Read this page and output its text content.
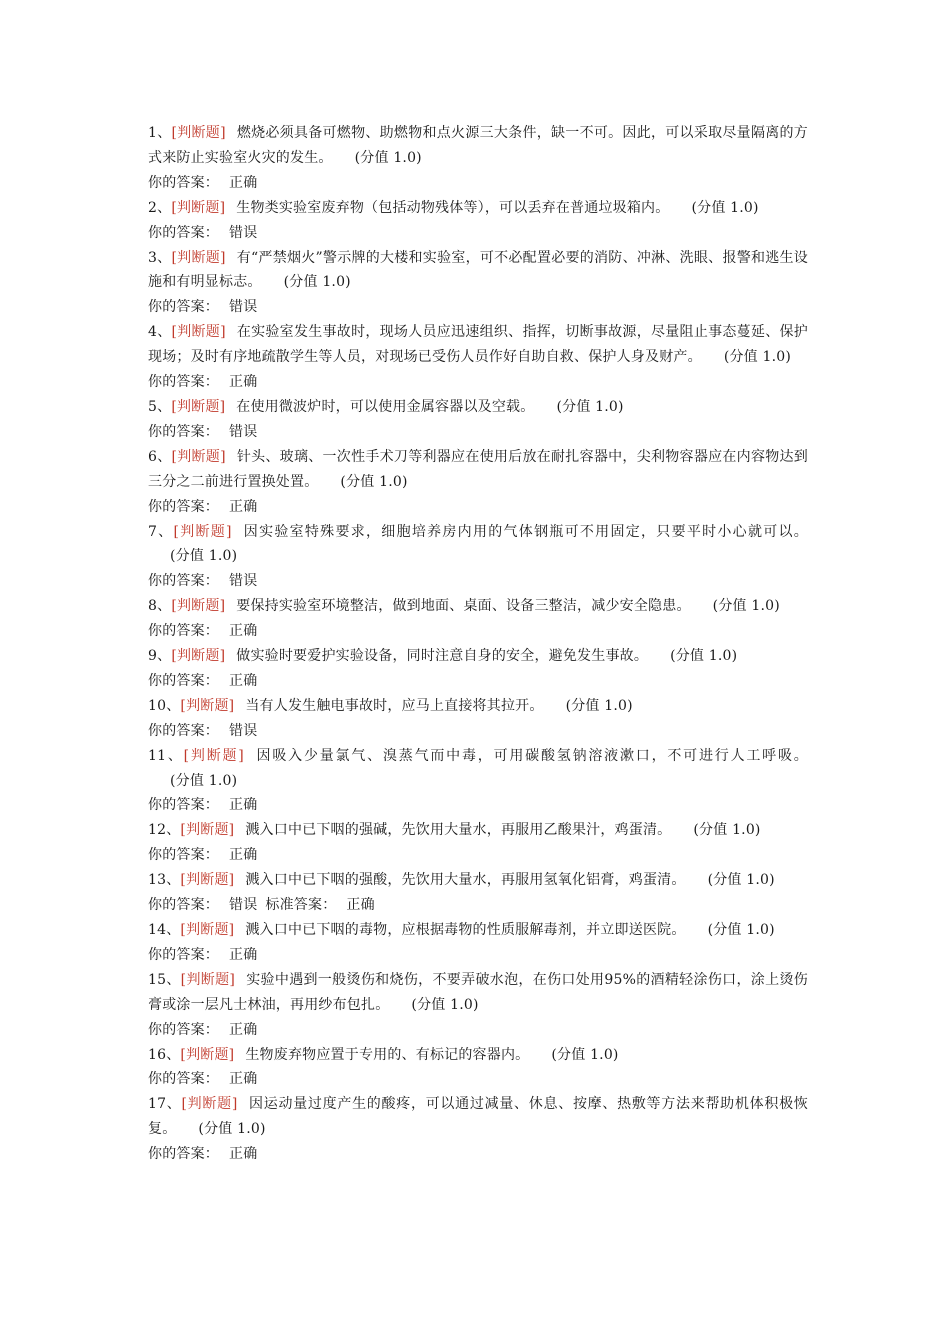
1、[判断题] 燃烧必须具备可燃物、助燃物和点火源三大条件，缺一不可。因此，可以采取尽量隔离的方式来防止实验室火灾的发生。 (分值 1.0)

你的答案： 正确

2、[判断题] 生物类实验室废弃物（包括动物残体等），可以丢弃在普通垃圾箱内。 (分值 1.0)

你的答案： 错误

3、[判断题] 有“严禁烟火”警示牌的大楼和实验室，可不必配置必要的消防、冲淋、洗眼、报警和逃生设施和有明显标志。 (分值 1.0)

你的答案： 错误

4、[判断题] 在实验室发生事故时，现场人员应迅速组织、指挥，切断事故源，尽量阻止事态蔓延、保护现场；及时有序地疏散学生等人员，对现场已受伤人员作好自助自救、保护人身及财产。 (分值 1.0)

你的答案： 正确

5、[判断题] 在使用微波炉时，可以使用金属容器以及空载。 (分值 1.0)

你的答案： 错误

6、[判断题] 针头、玻璃、一次性手术刀等利器应在使用后放在耐扎容器中，尖利物容器应在内容物达到三分之二前进行置换处置。 (分值 1.0)

你的答案： 正确

7、[判断题] 因实验室特殊要求，细胞培养房内用的气体钢瓶可不用固定，只要平时小心就可以。(分值 1.0)

你的答案： 错误

8、[判断题] 要保持实验室环境整洁，做到地面、桌面、设备三整洁，减少安全隐患。 (分值 1.0)

你的答案： 正确

9、[判断题] 做实验时要爱护实验设备，同时注意自身的安全，避免发生事故。 (分值 1.0)

你的答案： 正确

10、[判断题] 当有人发生触电事故时，应马上直接将其拉开。 (分值 1.0)

你的答案： 错误

11、[判断题] 因吸入少量氯气、溴蒸气而中毒，可用碳酸氢钠溶液漱口，不可进行人工呼吸。(分值 1.0)

你的答案： 正确

12、[判断题] 溅入口中已下咽的强碱，先饮用大量水，再服用乙酸果汁，鸡蛋清。 (分值 1.0)

你的答案： 正确

13、[判断题] 溅入口中已下咽的强酸，先饮用大量水，再服用氢氧化铝膏，鸡蛋清。 (分值 1.0)

你的答案： 错误 标准答案： 正确

14、[判断题] 溅入口中已下咽的毒物，应根据毒物的性质服解毒剂，并立即送医院。 (分值 1.0)

你的答案： 正确

15、[判断题] 实验中遇到一般烫伤和烧伤，不要弄破水泡，在伤口处用95%的酒精轻涂伤口，涂上烫伤膏或涂一层凡士林油，再用纱布包扎。 (分值 1.0)

你的答案： 正确

16、[判断题] 生物废弃物应置于专用的、有标记的容器内。 (分值 1.0)

你的答案： 正确

17、[判断题] 因运动量过度产生的酸疼，可以通过减量、休息、按摩、热敷等方法来帮助机体积极恢复。 (分值 1.0)

你的答案： 正确
